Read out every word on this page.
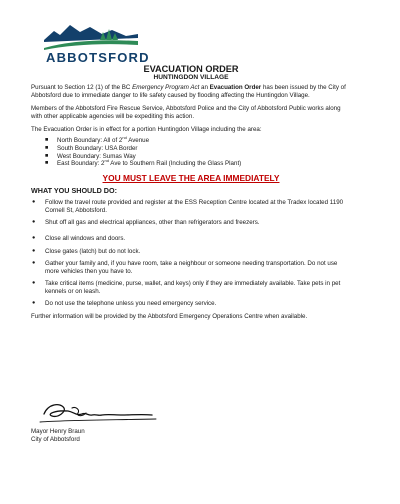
ABBOTSFORD
EVACUATION ORDER
HUNTINGDON VILLAGE

Pursuant to Section 12 (1) of the BC Emergency Program Act an Evacuation Order has been issued by the City of Abbotsford due to immediate danger to life safety caused by flooding affecting the Huntingdon Village.

Members of the Abbotsford Fire Rescue Service, Abbotsford Police and the City of Abbotsford Public works along with other applicable agencies will be expediting this action.

The Evacuation Order is in effect for a portion Huntingdon Village including the area:

■ North Boundary: All of 2nd Avenue
■ South Boundary: USA Border
■ West Boundary: Sumas Way
■ East Boundary: 2nd Ave to Southern Rail (Including the Glass Plant)
YOU MUST LEAVE THE AREA IMMEDIATELY
WHAT YOU SHOULD DO:
● Follow the travel route provided and register at the ESS Reception Centre located at the Tradex located 1190 Cornell St, Abbotsford.
● Shut off all gas and electrical appliances, other than refrigerators and freezers.
● Close all windows and doors.
● Close gates (latch) but do not lock.
● Gather your family and, if you have room, take a neighbour or someone needing transportation. Do not use more vehicles then you have to.
● Take critical items (medicine, purse, wallet, and keys) only if they are immediately available. Take pets in pet kennels or on leash.
● Do not use the telephone unless you need emergency service.

Further information will be provided by the Abbotsford Emergency Operations Centre when available.

Mayor Henry Braun
City of Abbotsford
